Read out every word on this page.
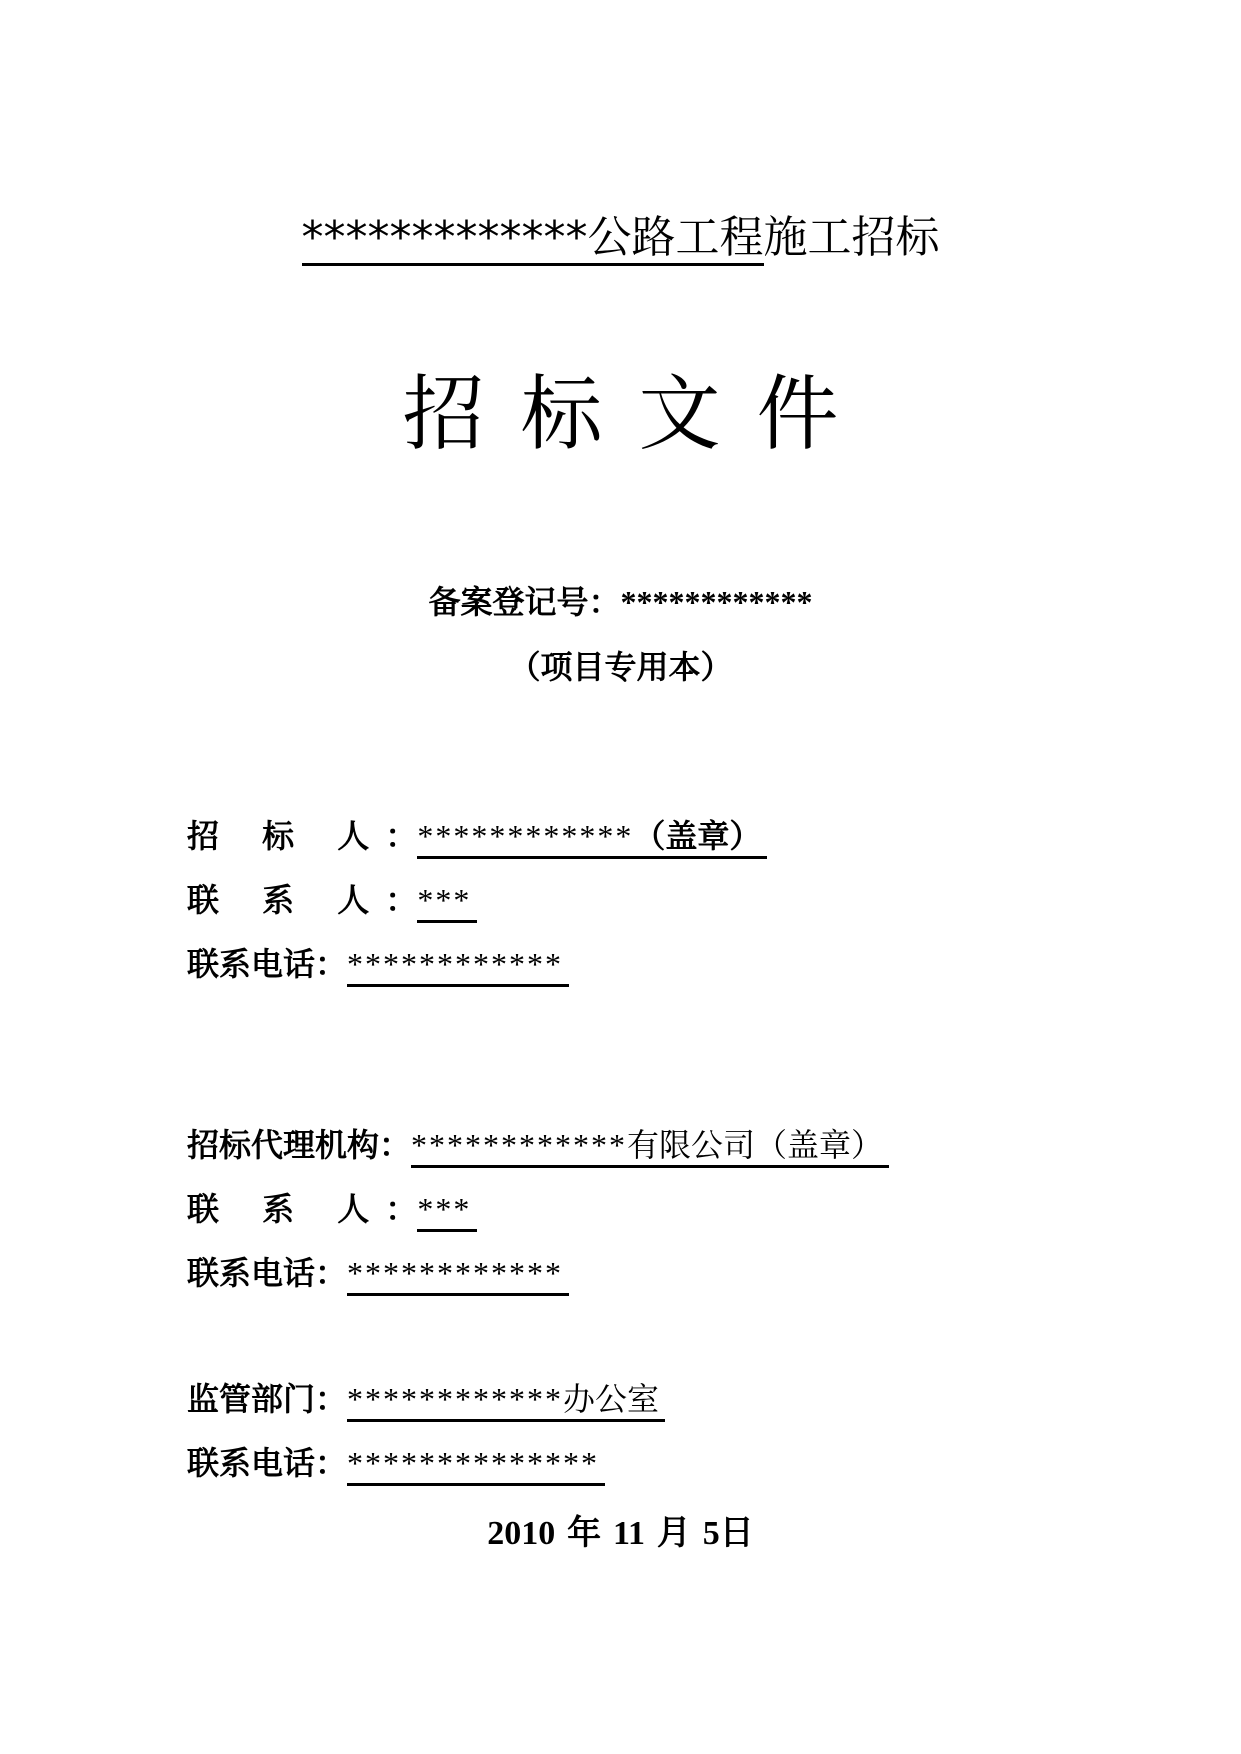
*************公路工程施工招标
招标文件
备案登记号：************
（项目专用本）
招 标 人：************（盖章）
联 系 人：***
联系电话：************
招标代理机构：************有限公司（盖章）
联 系 人：***
联系电话：************
监管部门：************办公室
联系电话：**************
2010 年 11 月 5日
